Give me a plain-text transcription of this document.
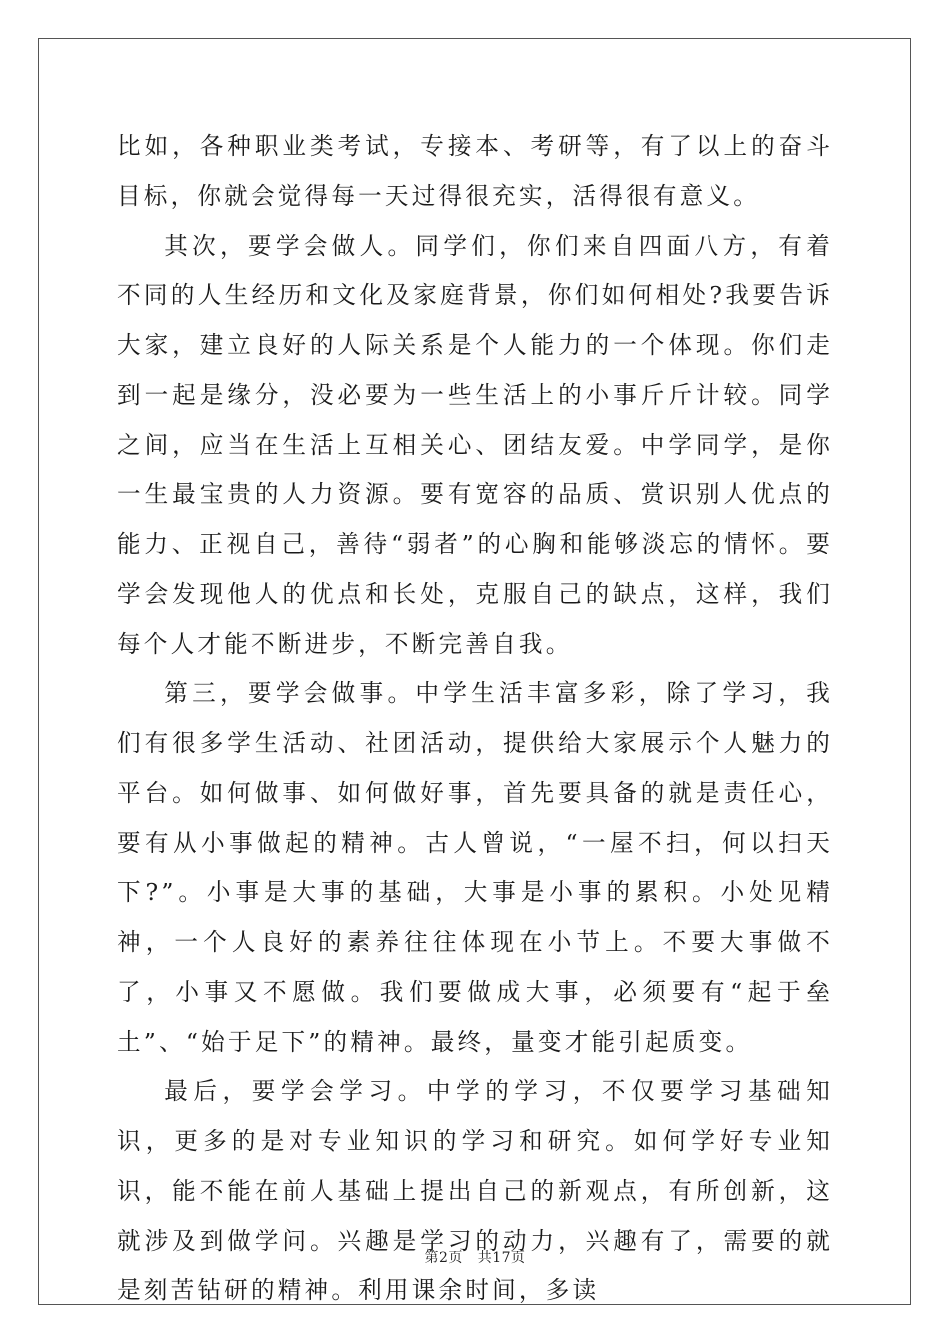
比如，各种职业类考试，专接本、考研等，有了以上的奋斗目标，你就会觉得每一天过得很充实，活得很有意义。

其次，要学会做人。同学们，你们来自四面八方，有着不同的人生经历和文化及家庭背景，你们如何相处?我要告诉大家，建立良好的人际关系是个人能力的一个体现。你们走到一起是缘分，没必要为一些生活上的小事斤斤计较。同学之间，应当在生活上互相关心、团结友爱。中学同学，是你一生最宝贵的人力资源。要有宽容的品质、赏识别人优点的能力、正视自己，善待“弱者”的心胸和能够淡忘的情怀。要学会发现他人的优点和长处，克服自己的缺点，这样，我们每个人才能不断进步，不断完善自我。

第三，要学会做事。中学生活丰富多彩，除了学习，我们有很多学生活动、社团活动，提供给大家展示个人魅力的平台。如何做事、如何做好事，首先要具备的就是责任心，要有从小事做起的精神。古人曾说，“一屋不扫，何以扫天下?”。小事是大事的基础，大事是小事的累积。小处见精神，一个人良好的素养往往体现在小节上。不要大事做不了，小事又不愿做。我们要做成大事，必须要有“起于垒土”、“始于足下”的精神。最终，量变才能引起质变。

最后，要学会学习。中学的学习，不仅要学习基础知识，更多的是对专业知识的学习和研究。如何学好专业知识，能不能在前人基础上提出自己的新观点，有所创新，这就涉及到做学问。兴趣是学习的动力，兴趣有了，需要的就是刻苦钻研的精神。利用课余时间，多读

第2页   共17页
